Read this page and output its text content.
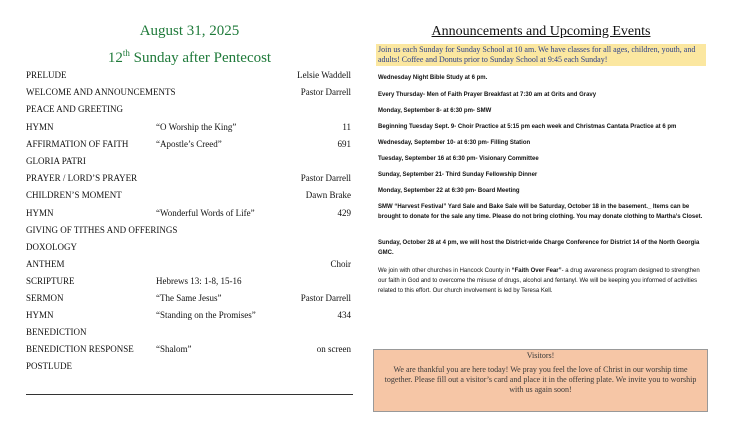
August 31, 2025
12th Sunday after Pentecost
PRELUDE	Lelsie Waddell
WELCOME AND ANNOUNCEMENTS	Pastor Darrell
PEACE AND GREETING
HYMN	“O Worship the King”	11
AFFIRMATION OF FAITH	“Apostle’s Creed”	691
GLORIA PATRI
PRAYER / LORD’S PRAYER	Pastor Darrell
CHILDREN’S MOMENT	Dawn Brake
HYMN	“Wonderful Words of Life”	429
GIVING OF TITHES AND OFFERINGS
DOXOLOGY
ANTHEM	Choir
SCRIPTURE	Hebrews 13: 1-8, 15-16
SERMON	“The Same Jesus”	Pastor Darrell
HYMN	“Standing on the Promises”	434
BENEDICTION
BENEDICTION RESPONSE “Shalom”	on screen
POSTLUDE
Announcements and Upcoming Events
Join us each Sunday for Sunday School at 10 am. We have classes for all ages, children, youth, and adults! Coffee and Donuts prior to Sunday School at 9:45 each Sunday!
Wednesday Night Bible Study at 6 pm.
Every Thursday- Men of Faith Prayer Breakfast at 7:30 am at Grits and Gravy
Monday, September 8- at 6:30 pm- SMW
Beginning Tuesday Sept. 9- Choir Practice at 5:15 pm each week and Christmas Cantata Practice at 6 pm
Wednesday, September 10- at 6:30 pm- Filling Station
Tuesday, September 16 at 6:30 pm- Visionary Committee
Sunday, September 21- Third Sunday Fellowship Dinner
Monday, September 22 at 6:30 pm- Board Meeting
SMW “Harvest Festival” Yard Sale and Bake Sale will be Saturday, October 18 in the basement._ Items can be brought to donate for the sale any time. Please do not bring clothing. You may donate clothing to Martha’s Closet.
Sunday, October 28 at 4 pm, we will host the District-wide Charge Conference for District 14 of the North Georgia GMC.
We join with other churches in Hancock County in “Faith Over Fear”- a drug awareness program designed to strengthen our faith in God and to overcome the misuse of drugs, alcohol and fentanyl. We will be keeping you informed of activities related to this effort. Our church involvement is led by Teresa Kell.
Visitors!
We are thankful you are here today! We pray you feel the love of Christ in our worship time together. Please fill out a visitor’s card and place it in the offering plate. We invite you to worship with us again soon!
